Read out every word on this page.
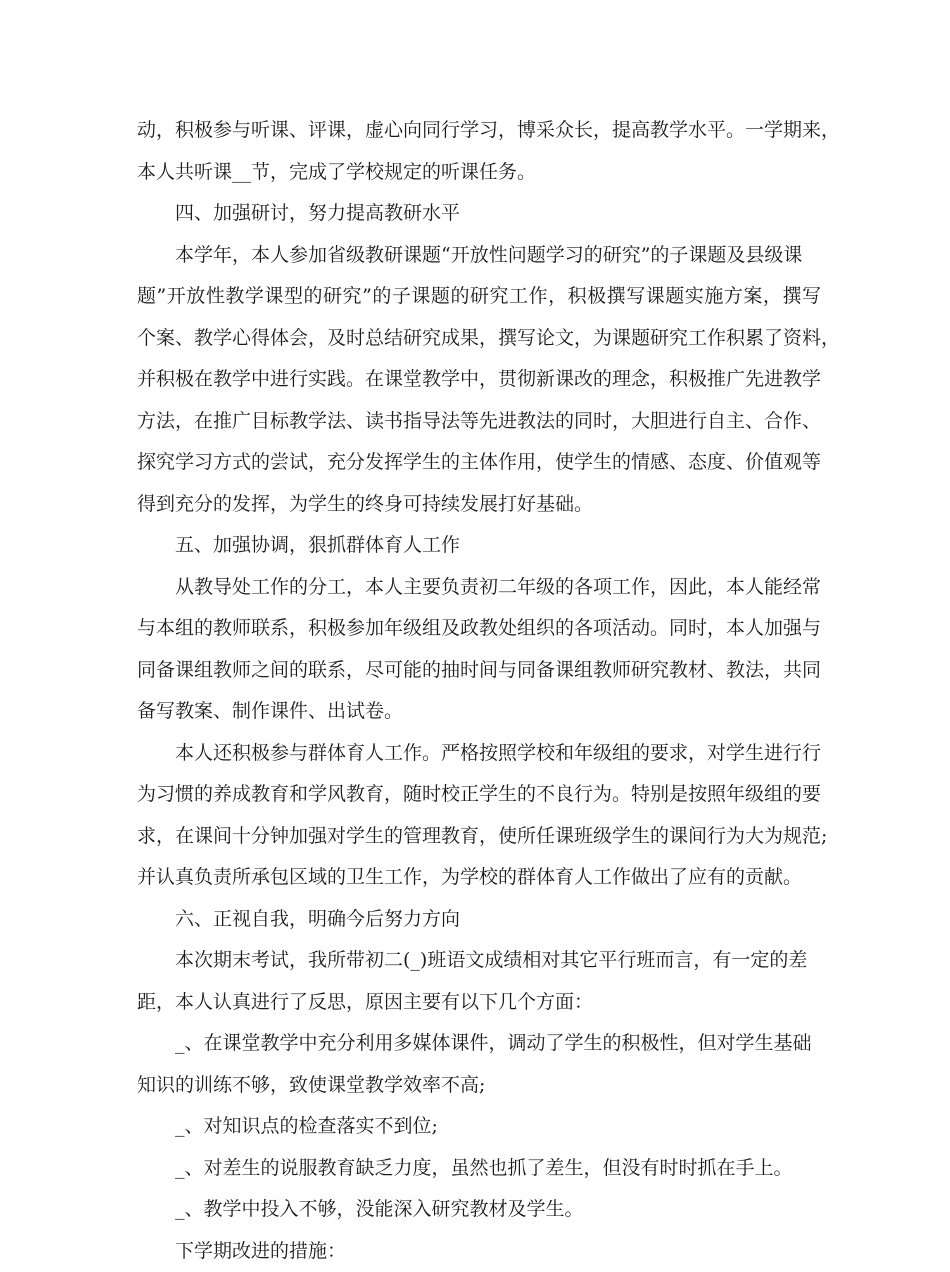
动，积极参与听课、评课，虚心向同行学习，博采众长，提高教学水平。一学期来，
本人共听课__节，完成了学校规定的听课任务。
四、加强研讨，努力提高教研水平
本学年，本人参加省级教研课题“开放性问题学习的研究”的子课题及县级课
题”开放性教学课型的研究”的子课题的研究工作，积极撰写课题实施方案，撰写
个案、教学心得体会，及时总结研究成果，撰写论文，为课题研究工作积累了资料，
并积极在教学中进行实践。在课堂教学中，贯彻新课改的理念，积极推广先进教学
方法，在推广目标教学法、读书指导法等先进教法的同时，大胆进行自主、合作、
探究学习方式的尝试，充分发挥学生的主体作用，使学生的情感、态度、价值观等
得到充分的发挥，为学生的终身可持续发展打好基础。
五、加强协调，狠抓群体育人工作
从教导处工作的分工，本人主要负责初二年级的各项工作，因此，本人能经常
与本组的教师联系，积极参加年级组及政教处组织的各项活动。同时，本人加强与
同备课组教师之间的联系，尽可能的抽时间与同备课组教师研究教材、教法，共同
备写教案、制作课件、出试卷。
本人还积极参与群体育人工作。严格按照学校和年级组的要求，对学生进行行
为习惯的养成教育和学风教育，随时校正学生的不良行为。特别是按照年级组的要
求，在课间十分钟加强对学生的管理教育，使所任课班级学生的课间行为大为规范;
并认真负责所承包区域的卫生工作，为学校的群体育人工作做出了应有的贡献。
六、正视自我，明确今后努力方向
本次期末考试，我所带初二(_)班语文成绩相对其它平行班而言，有一定的差
距，本人认真进行了反思，原因主要有以下几个方面：
_、在课堂教学中充分利用多媒体课件，调动了学生的积极性，但对学生基础
知识的训练不够，致使课堂教学效率不高;
_、对知识点的检查落实不到位;
_、对差生的说服教育缺乏力度，虽然也抓了差生，但没有时时抓在手上。
_、教学中投入不够，没能深入研究教材及学生。
下学期改进的措施：
